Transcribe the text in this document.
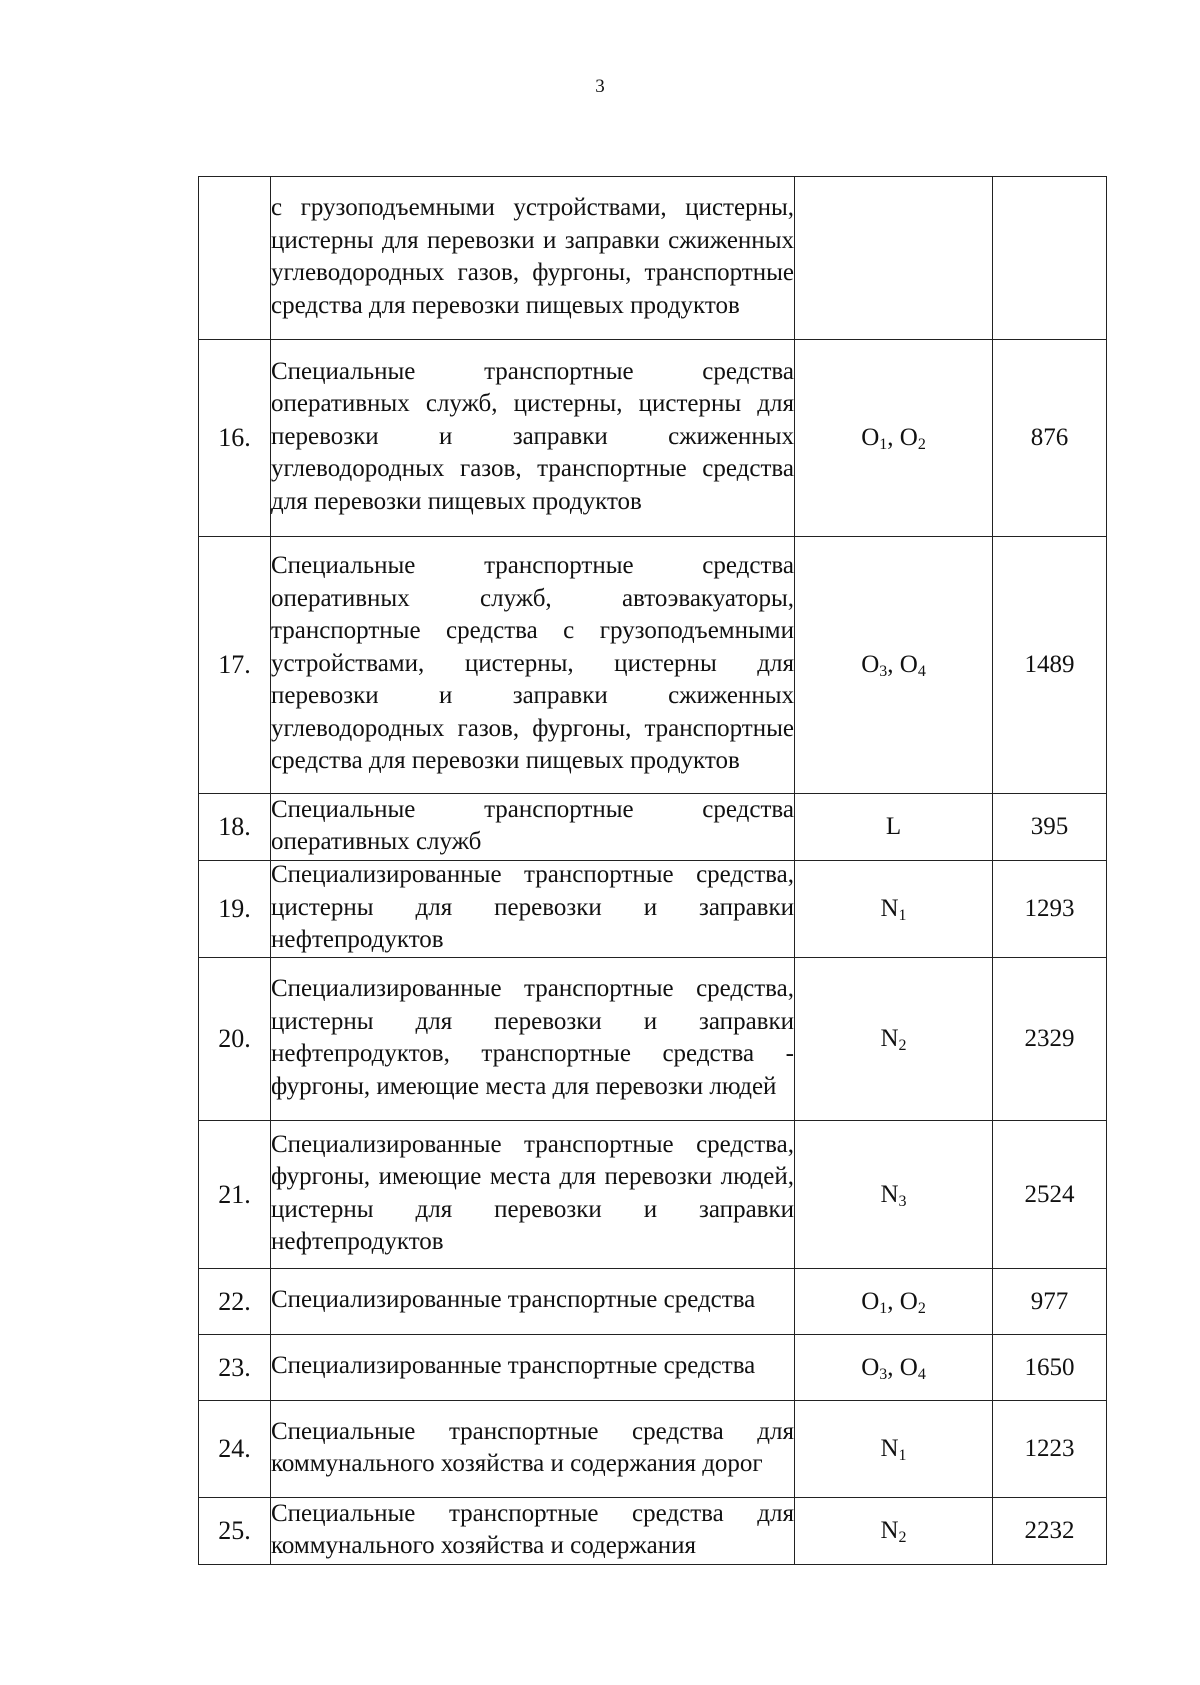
3

	с грузоподъемными устройствами, цистерны, цистерны для перевозки и заправки сжиженных углеводородных газов, фургоны, транспортные средства для перевозки пищевых продуктов		

16.	Специальные транспортные средства оперативных служб, цистерны, цистерны для перевозки и заправки сжиженных углеводородных газов, транспортные средства для перевозки пищевых продуктов	$O_1$, $O_2$	876
17.	Специальные транспортные средства оперативных служб, автоэвакуаторы, транспортные средства с грузоподъемными устройствами, цистерны, цистерны для перевозки и заправки сжиженных углеводородных газов, фургоны, транспортные средства для перевозки пищевых продуктов	$O_3$, $O_4$	1489
18.	Специальные транспортные средства оперативных служб	L	395
19.	Специализированные транспортные средства, цистерны для перевозки и заправки нефтепродуктов	$N_1$	1293
20.	Специализированные транспортные средства, цистерны для перевозки и заправки нефтепродуктов, транспортные средства - фургоны, имеющие места для перевозки людей	$N_2$	2329
21.	Специализированные транспортные средства, фургоны, имеющие места для перевозки людей, цистерны для перевозки и заправки нефтепродуктов	$N_3$	2524
22.	Специализированные транспортные средства	$O_1$, $O_2$	977
23.	Специализированные транспортные средства	$O_3$, $O_4$	1650
24.	Специальные транспортные средства для коммунального хозяйства и содержания дорог	$N_1$	1223
25.	Специальные транспортные средства для коммунального хозяйства и содержания	$N_2$	2232
